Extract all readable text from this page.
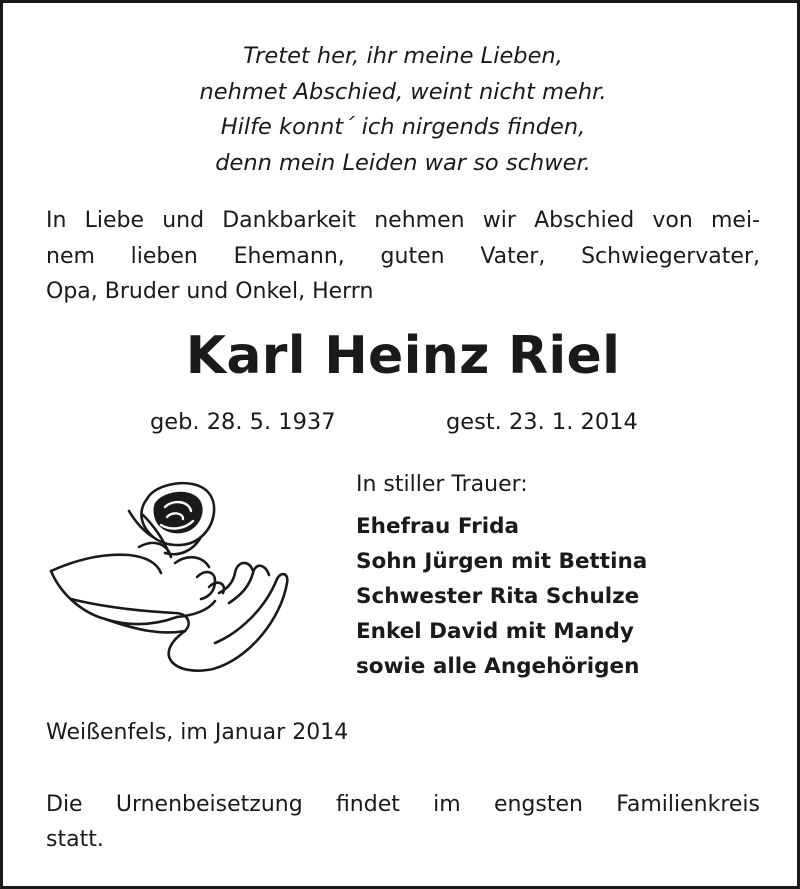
Tretet her, ihr meine Lieben,
nehmet Abschied, weint nicht mehr.
Hilfe konnt´ ich nirgends finden,
denn mein Leiden war so schwer.
In Liebe und Dankbarkeit nehmen wir Abschied von mei-
nem lieben Ehemann, guten Vater, Schwiegervater,
Opa, Bruder und Onkel, Herrn
Karl Heinz Riel
geb. 28. 5. 1937	gest. 23. 1. 2014
In stiller Trauer:
Ehefrau Frida
Sohn Jürgen mit Bettina
Schwester Rita Schulze
Enkel David mit Mandy
sowie alle Angehörigen
Weißenfels, im Januar 2014
Die Urnenbeisetzung findet im engsten Familienkreis
statt.
